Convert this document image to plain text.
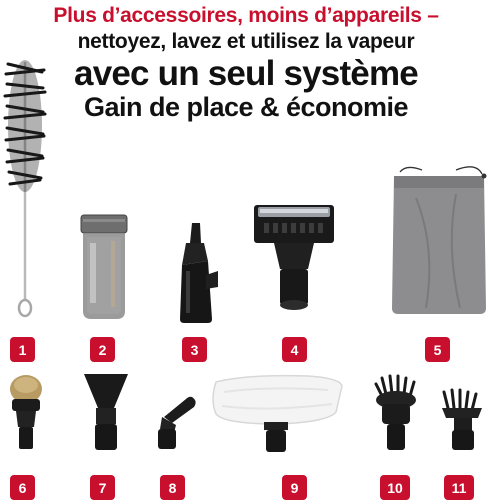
Plus d’accessoires, moins d’appareils –
nettoyez, lavez et utilisez la vapeur
avec un seul système
Gain de place & économie
1	2	3	4	5
6	7	8	9	10	11
